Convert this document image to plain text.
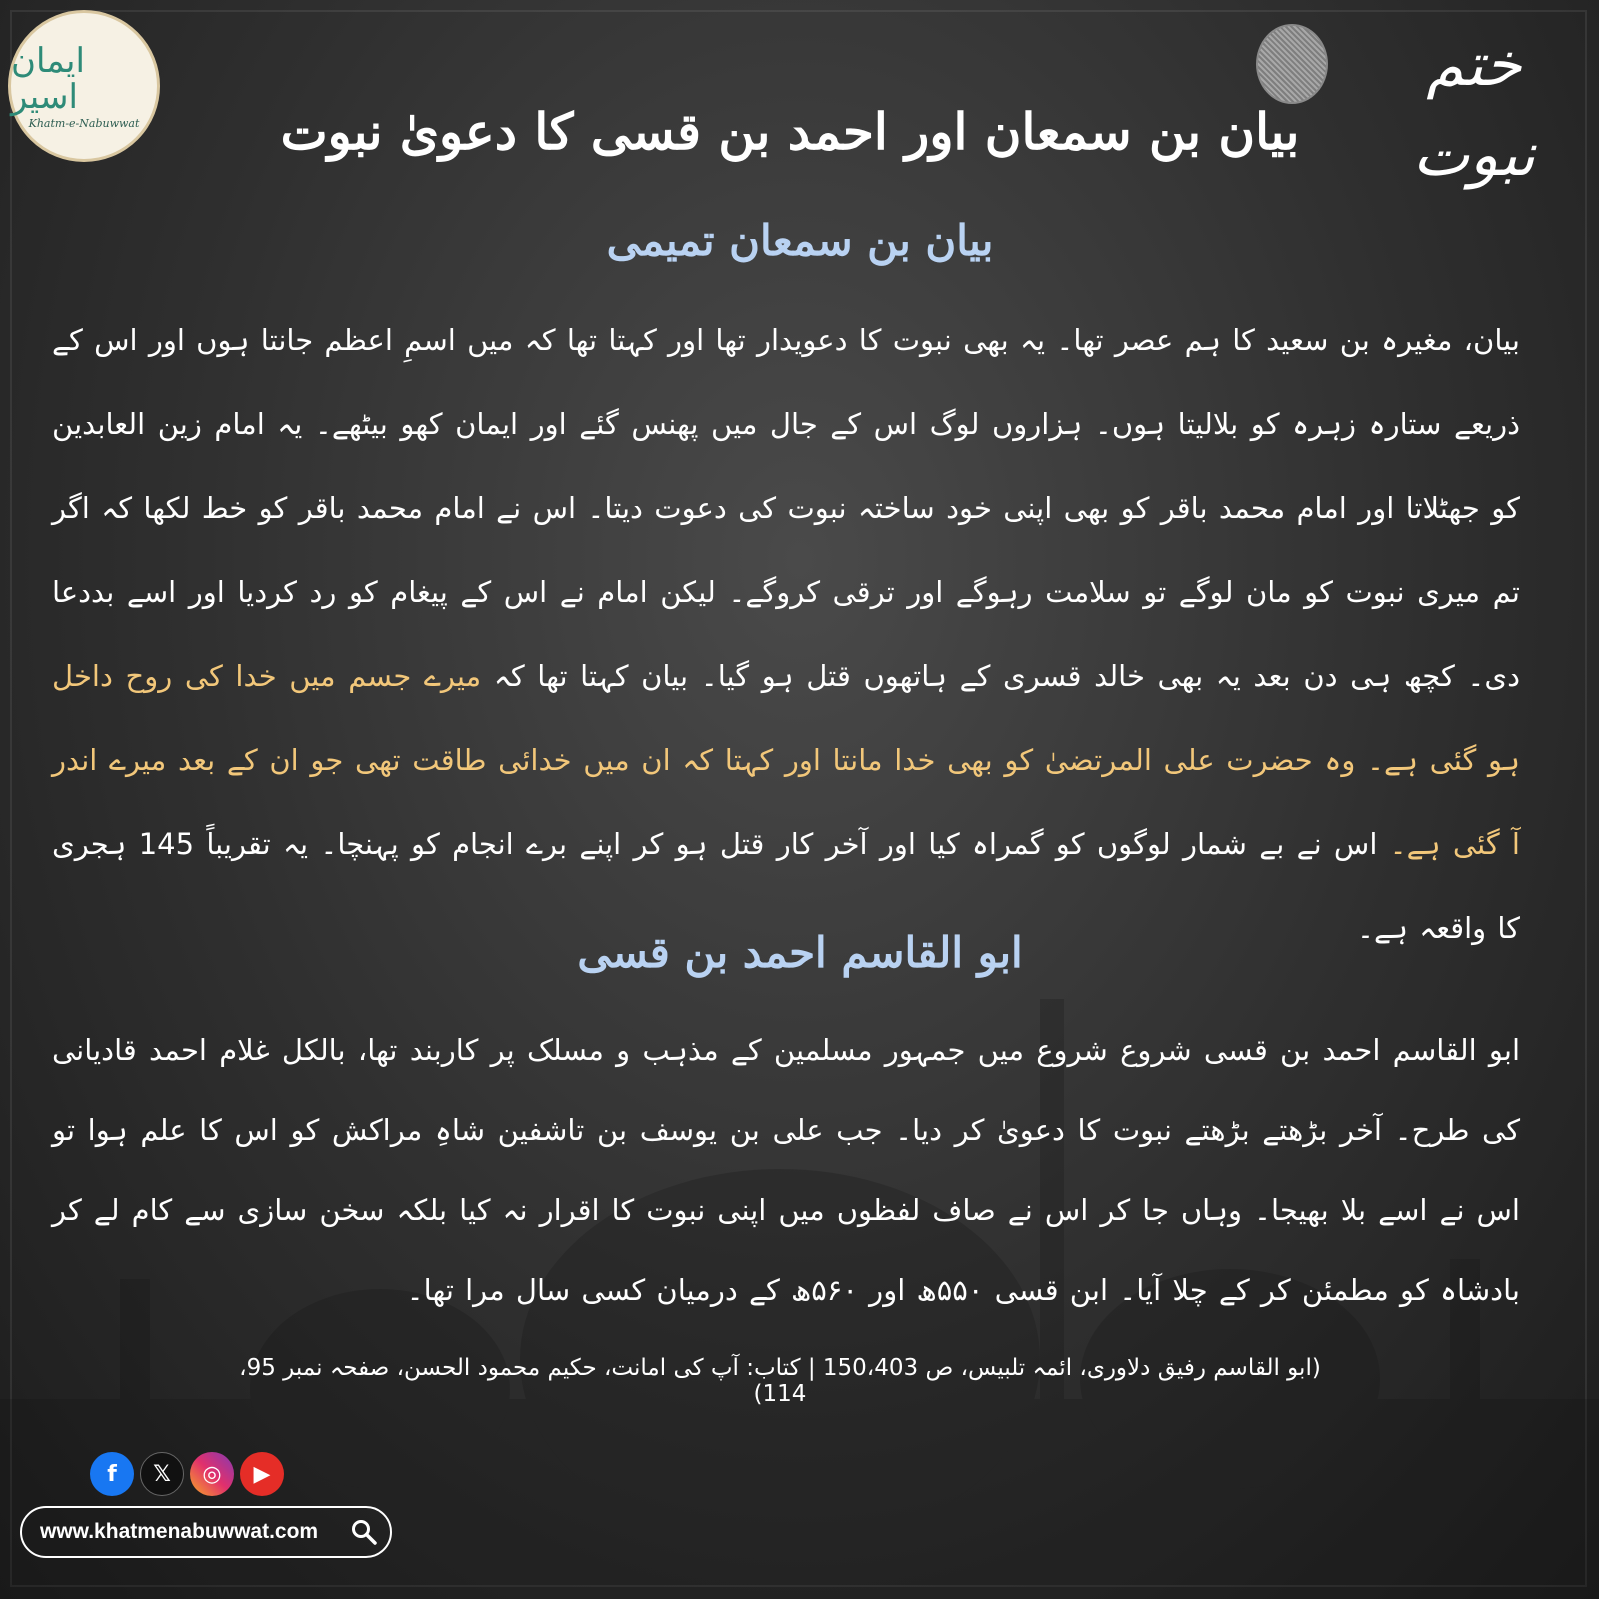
ایمان اسیر
Khatm-e-Nabuwwat
ختم نبوت
بیان بن سمعان اور احمد بن قسی کا دعویٰ نبوت
بیان بن سمعان تمیمی
بیان، مغیرہ بن سعید کا ہم عصر تھا۔ یہ بھی نبوت کا دعویدار تھا اور کہتا تھا کہ میں اسمِ اعظم جانتا ہوں اور اس کے ذریعے ستارہ زہرہ کو بلالیتا ہوں۔ ہزاروں لوگ اس کے جال میں پھنس گئے اور ایمان کھو بیٹھے۔ یہ امام زین العابدین کو جھٹلاتا اور امام محمد باقر کو بھی اپنی خود ساختہ نبوت کی دعوت دیتا۔ اس نے امام محمد باقر کو خط لکھا کہ اگر تم میری نبوت کو مان لوگے تو سلامت رہوگے اور ترقی کروگے۔ لیکن امام نے اس کے پیغام کو رد کردیا اور اسے بددعا دی۔ کچھ ہی دن بعد یہ بھی خالد قسری کے ہاتھوں قتل ہو گیا۔ بیان کہتا تھا کہ میرے جسم میں خدا کی روح داخل ہو گئی ہے۔ وہ حضرت علی المرتضیٰ کو بھی خدا مانتا اور کہتا کہ ان میں خدائی طاقت تھی جو ان کے بعد میرے اندر آ گئی ہے۔ اس نے بے شمار لوگوں کو گمراہ کیا اور آخر کار قتل ہو کر اپنے برے انجام کو پہنچا۔ یہ تقریباً 145 ہجری کا واقعہ ہے۔
ابو القاسم احمد بن قسی
ابو القاسم احمد بن قسی شروع شروع میں جمہور مسلمین کے مذہب و مسلک پر کاربند تھا، بالکل غلام احمد قادیانی کی طرح۔ آخر بڑھتے بڑھتے نبوت کا دعویٰ کر دیا۔ جب علی بن یوسف بن تاشفین شاہِ مراکش کو اس کا علم ہوا تو اس نے اسے بلا بھیجا۔ وہاں جا کر اس نے صاف لفظوں میں اپنی نبوت کا اقرار نہ کیا بلکہ سخن سازی سے کام لے کر بادشاہ کو مطمئن کر کے چلا آیا۔ ابن قسی ۵۵۰ھ اور ۵۶۰ھ کے درمیان کسی سال مرا تھا۔
(ابو القاسم رفیق دلاوری، ائمہ تلبیس، ص 150،403 | کتاب: آپ کی امانت، حکیم محمود الحسن، صفحہ نمبر 95، 114)
f	𝕏	◎	▶
www.khatmenabuwwat.com
